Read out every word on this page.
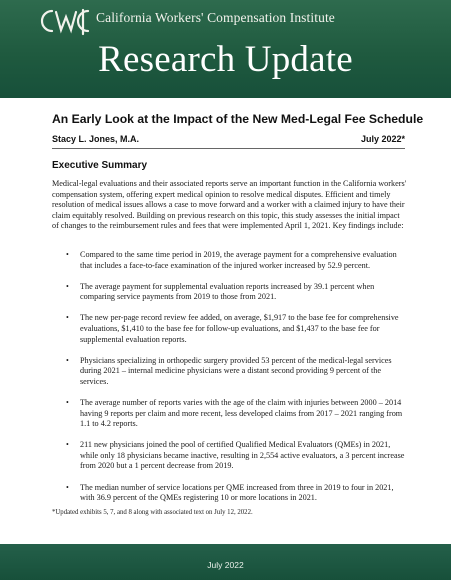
California Workers' Compensation Institute
Research Update
An Early Look at the Impact of the New Med-Legal Fee Schedule
Stacy L. Jones, M.A.	July 2022*
Executive Summary

Medical-legal evaluations and their associated reports serve an important function in the California workers' compensation system, offering expert medical opinion to resolve medical disputes. Efficient and timely resolution of medical issues allows a case to move forward and a worker with a claimed injury to have their claim equitably resolved. Building on previous research on this topic, this study assesses the initial impact of changes to the reimbursement rules and fees that were implemented April 1, 2021. Key findings include:

• Compared to the same time period in 2019, the average payment for a comprehensive evaluation that includes a face-to-face examination of the injured worker increased by 52.9 percent.
• The average payment for supplemental evaluation reports increased by 39.1 percent when comparing service payments from 2019 to those from 2021.
• The new per-page record review fee added, on average, $1,917 to the base fee for comprehensive evaluations, $1,410 to the base fee for follow-up evaluations, and $1,437 to the base fee for supplemental evaluation reports.
• Physicians specializing in orthopedic surgery provided 53 percent of the medical-legal services during 2021 – internal medicine physicians were a distant second providing 9 percent of the services.
• The average number of reports varies with the age of the claim with injuries between 2000 – 2014 having 9 reports per claim and more recent, less developed claims from 2017 – 2021 ranging from 1.1 to 4.2 reports.
• 211 new physicians joined the pool of certified Qualified Medical Evaluators (QMEs) in 2021, while only 18 physicians became inactive, resulting in 2,554 active evaluators, a 3 percent increase from 2020 but a 1 percent decrease from 2019.
• The median number of service locations per QME increased from three in 2019 to four in 2021, with 36.9 percent of the QMEs registering 10 or more locations in 2021.
*Updated exhibits 5, 7, and 8 along with associated text on July 12, 2022.
July 2022
